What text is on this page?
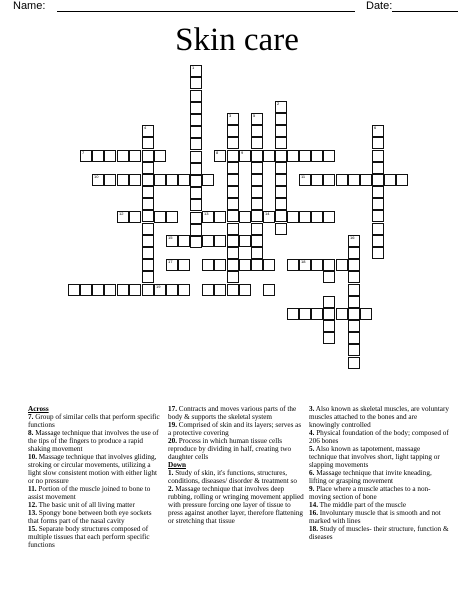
Name:	Date:
Skin care
1
2
3	5
4	6
7	8	9
10	11
12	13	14
15	16
17	18
19
Across
7. Group of similar cells that perform specific functions
8. Massage technique that involves the use of the tips of the fingers to produce a rapid shaking movement
10. Massage technique that involves gliding, stroking or circular movements, utilizing a light slow consistent motion with either light or no pressure
11. Portion of the muscle joined to bone to assist movement
12. The basic unit of all living matter
13. Spongy bone between both eye sockets that forms part of the nasal cavity
15. Separate body structures composed of multiple tissues that each perform specific functions
17. Contracts and moves various parts of the body & supports the skeletal system
19. Comprised of skin and its layers; serves as a protective covering
20. Process in which human tissue cells reproduce by dividing in half, creating two daughter cells
Down
1. Study of skin, it's functions, structures, conditions, diseases/ disorder & treatment so
2. Massage technique that involves deep rubbing, rolling or wringing movement applied with pressure forcing one layer of tissue to press against another layer, therefore flattening or stretching that tissue
3. Also known as skeletal muscles, are voluntary muscles attached to the bones and are knowingly controlled
4. Physical foundation of the body; composed of 206 bones
5. Also known as tapotement, massage technique that involves short, light tapping or slapping movements
6. Massage technique that invite kneading, lifting or grasping movement
9. Place where a muscle attaches to a non-moving section of bone
14. The middle part of the muscle
16. Involuntary muscle that is smooth and not marked with lines
18. Study of muscles- their structure, function & diseases
